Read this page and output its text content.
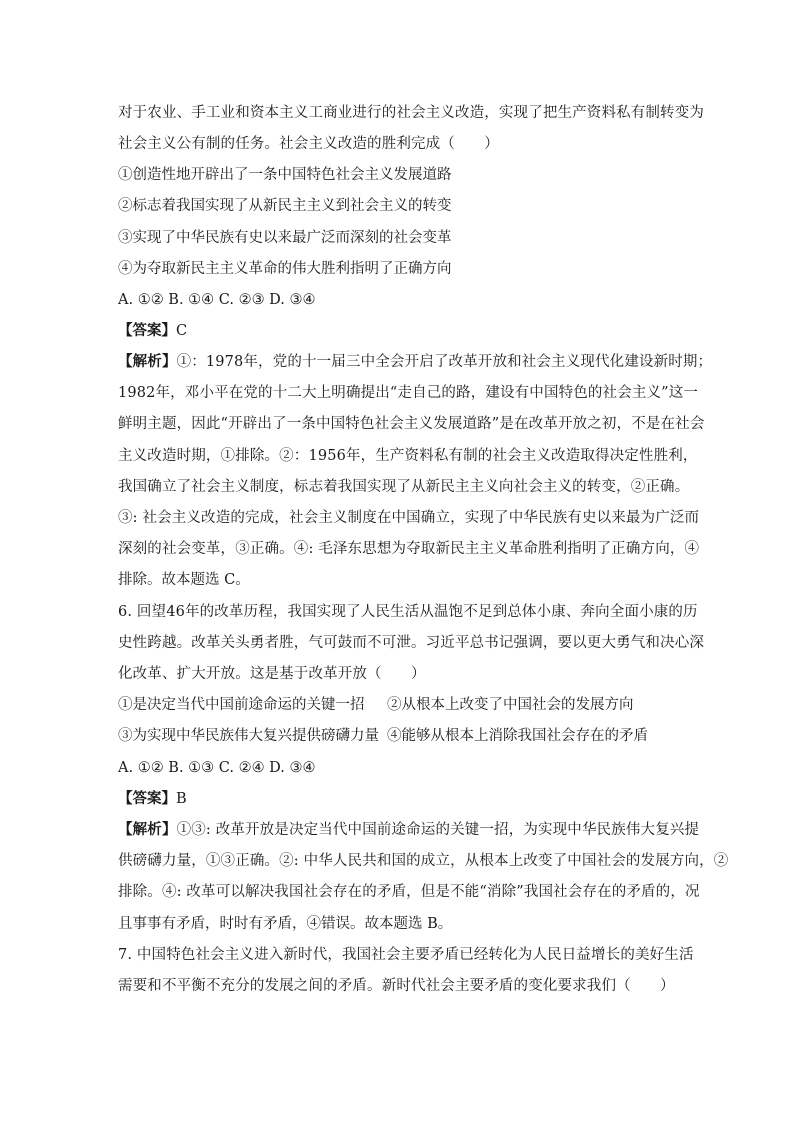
对于农业、手工业和资本主义工商业进行的社会主义改造，实现了把生产资料私有制转变为
社会主义公有制的任务。社会主义改造的胜利完成（　　）
①创造性地开辟出了一条中国特色社会主义发展道路
②标志着我国实现了从新民主主义到社会主义的转变
③实现了中华民族有史以来最广泛而深刻的社会变革
④为夺取新民主主义革命的伟大胜利指明了正确方向
A. ①② B. ①④ C. ②③ D. ③④
【答案】C
【解析】①：1978年，党的十一届三中全会开启了改革开放和社会主义现代化建设新时期；
1982年，邓小平在党的十二大上明确提出“走自己的路，建设有中国特色的社会主义”这一
鲜明主题，因此“开辟出了一条中国特色社会主义发展道路”是在改革开放之初，不是在社会
主义改造时期，①排除。②：1956年，生产资料私有制的社会主义改造取得决定性胜利，
我国确立了社会主义制度，标志着我国实现了从新民主主义向社会主义的转变，②正确。
③: 社会主义改造的完成，社会主义制度在中国确立，实现了中华民族有史以来最为广泛而
深刻的社会变革，③正确。④: 毛泽东思想为夺取新民主主义革命胜利指明了正确方向，④
排除。故本题选 C。
6. 回望46年的改革历程，我国实现了人民生活从温饱不足到总体小康、奔向全面小康的历
史性跨越。改革关头勇者胜，气可鼓而不可泄。习近平总书记强调，要以更大勇气和决心深
化改革、扩大开放。这是基于改革开放（　　）
①是决定当代中国前途命运的关键一招 ②从根本上改变了中国社会的发展方向
③为实现中华民族伟大复兴提供磅礴力量 ④能够从根本上消除我国社会存在的矛盾
A. ①② B. ①③ C. ②④ D. ③④
【答案】B
【解析】①③: 改革开放是决定当代中国前途命运的关键一招，为实现中华民族伟大复兴提
供磅礴力量，①③正确。②: 中华人民共和国的成立，从根本上改变了中国社会的发展方向，②
排除。④: 改革可以解决我国社会存在的矛盾，但是不能“消除”我国社会存在的矛盾的，况
且事事有矛盾，时时有矛盾，④错误。故本题选 B。
7. 中国特色社会主义进入新时代，我国社会主要矛盾已经转化为人民日益增长的美好生活
需要和不平衡不充分的发展之间的矛盾。新时代社会主要矛盾的变化要求我们（　　）
